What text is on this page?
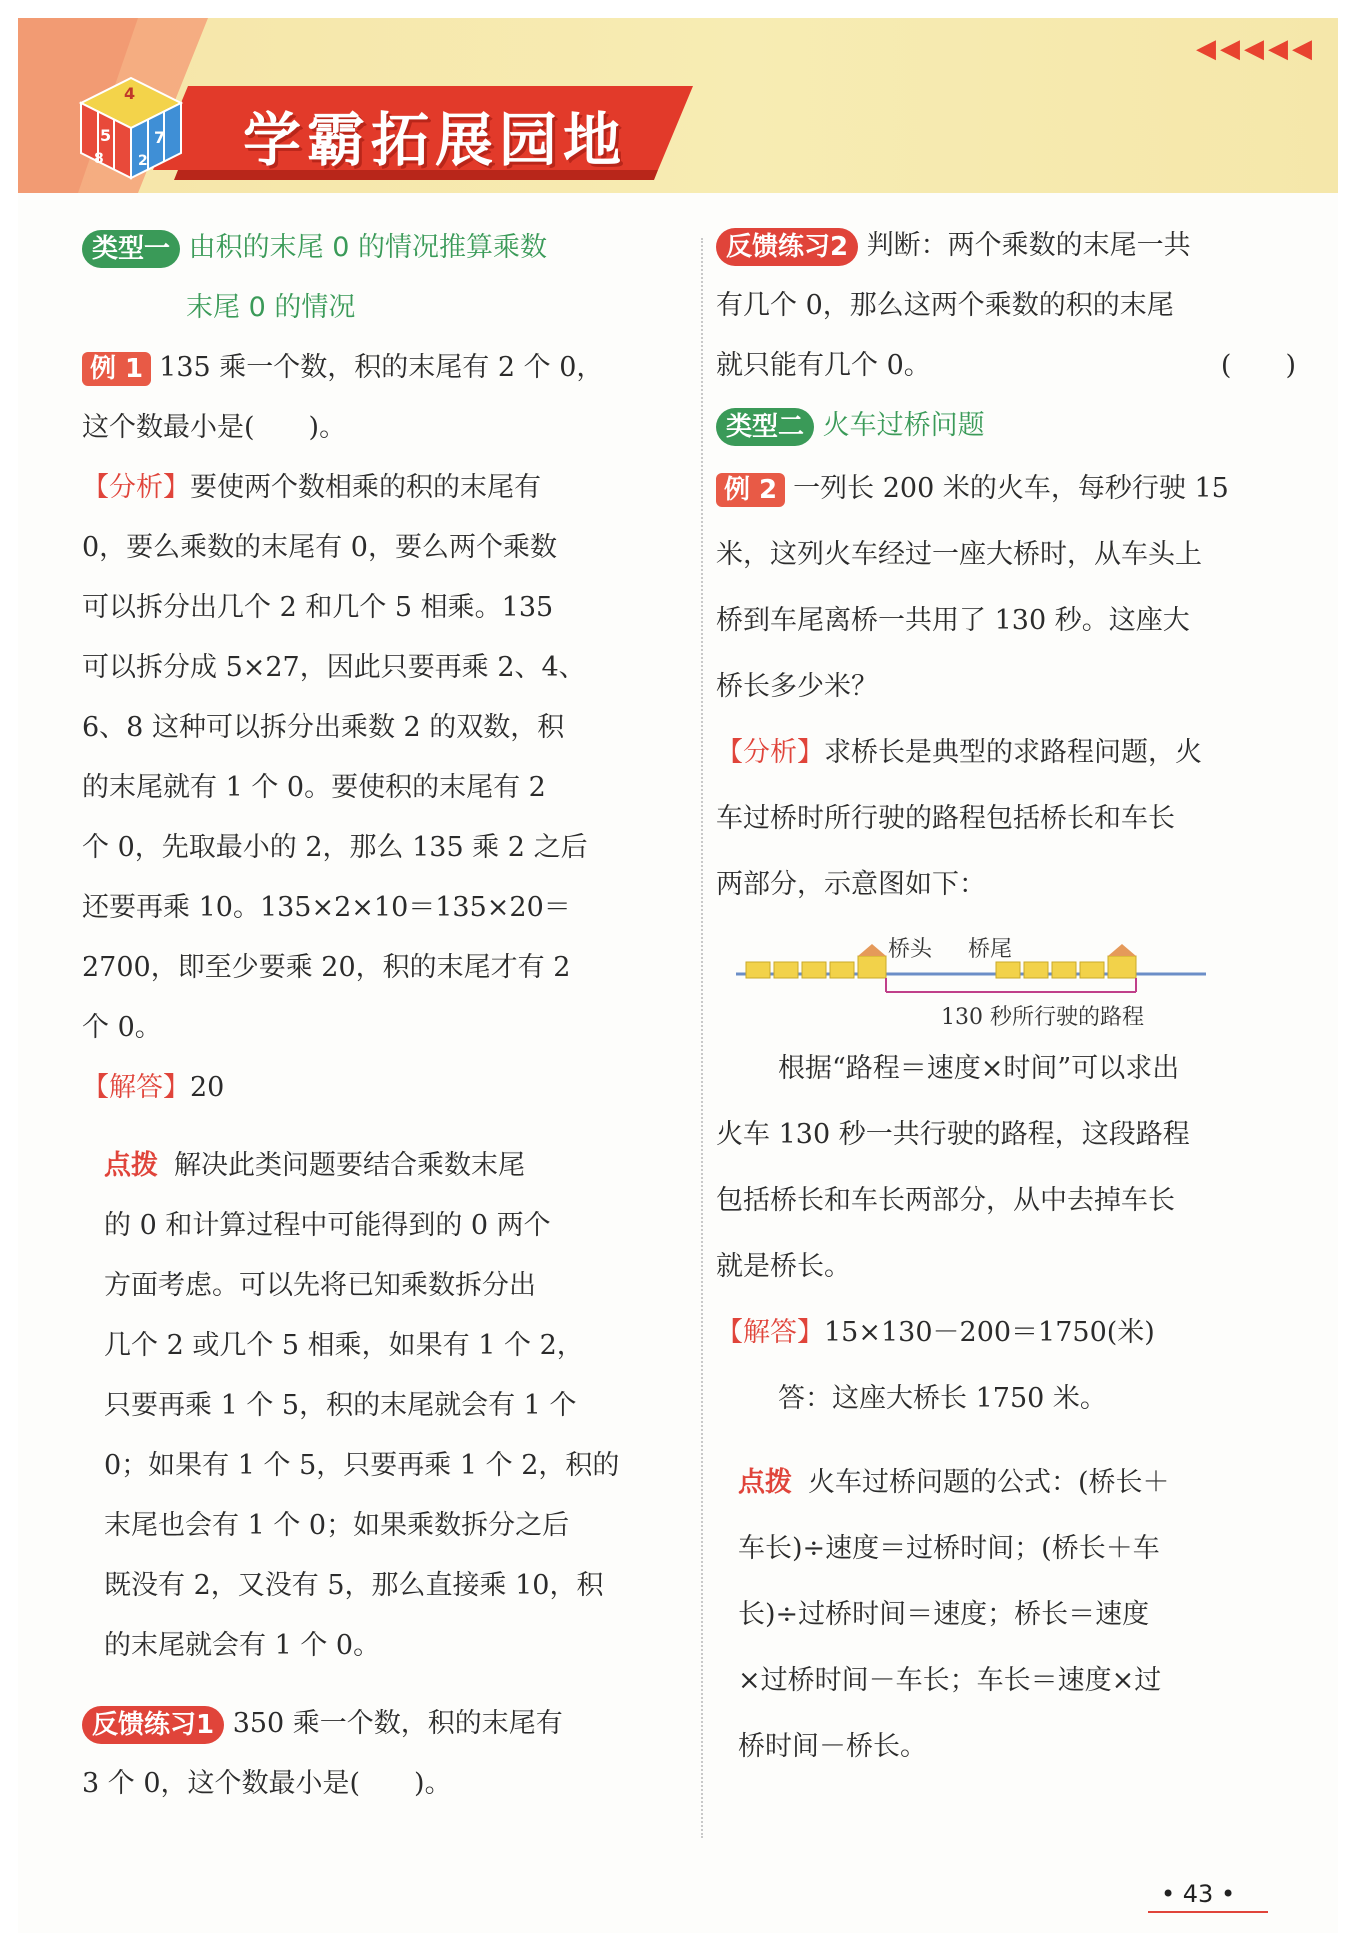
4
5
8
7
2 学霸拓展园地
◀◀◀◀◀

类型一 由积的末尾 0 的情况推算乘数

末尾 0 的情况

例 1 135 乘一个数，积的末尾有 2 个 0，

这个数最小是(　　)。

【分析】要使两个数相乘的积的末尾有

0，要么乘数的末尾有 0，要么两个乘数

可以拆分出几个 2 和几个 5 相乘。135

可以拆分成 5×27，因此只要再乘 2、4、

6、8 这种可以拆分出乘数 2 的双数，积

的末尾就有 1 个 0。要使积的末尾有 2

个 0，先取最小的 2，那么 135 乘 2 之后

还要再乘 10。135×2×10＝135×20＝

2700，即至少要乘 20，积的末尾才有 2

个 0。

【解答】20

点拨 解决此类问题要结合乘数末尾

的 0 和计算过程中可能得到的 0 两个

方面考虑。可以先将已知乘数拆分出

几个 2 或几个 5 相乘，如果有 1 个 2，

只要再乘 1 个 5，积的末尾就会有 1 个

0；如果有 1 个 5，只要再乘 1 个 2，积的

末尾也会有 1 个 0；如果乘数拆分之后

既没有 2，又没有 5，那么直接乘 10，积

的末尾就会有 1 个 0。

反馈练习1 350 乘一个数，积的末尾有

3 个 0，这个数最小是(　　)。

反馈练习2 判断：两个乘数的末尾一共

有几个 0，那么这两个乘数的积的末尾

就只能有几个 0。	(　　)

类型二 火车过桥问题

例 2 一列长 200 米的火车，每秒行驶 15

米，这列火车经过一座大桥时，从车头上

桥到车尾离桥一共用了 130 秒。这座大

桥长多少米？

【分析】求桥长是典型的求路程问题，火

车过桥时所行驶的路程包括桥长和车长

两部分，示意图如下：

桥头 桥尾
130 秒所行驶的路程

根据“路程＝速度×时间”可以求出

火车 130 秒一共行驶的路程，这段路程

包括桥长和车长两部分，从中去掉车长

就是桥长。

【解答】15×130－200＝1750(米)

答：这座大桥长 1750 米。

点拨 火车过桥问题的公式：(桥长＋

车长)÷速度＝过桥时间；(桥长＋车

长)÷过桥时间＝速度；桥长＝速度

×过桥时间－车长；车长＝速度×过

桥时间－桥长。

• 43 •
